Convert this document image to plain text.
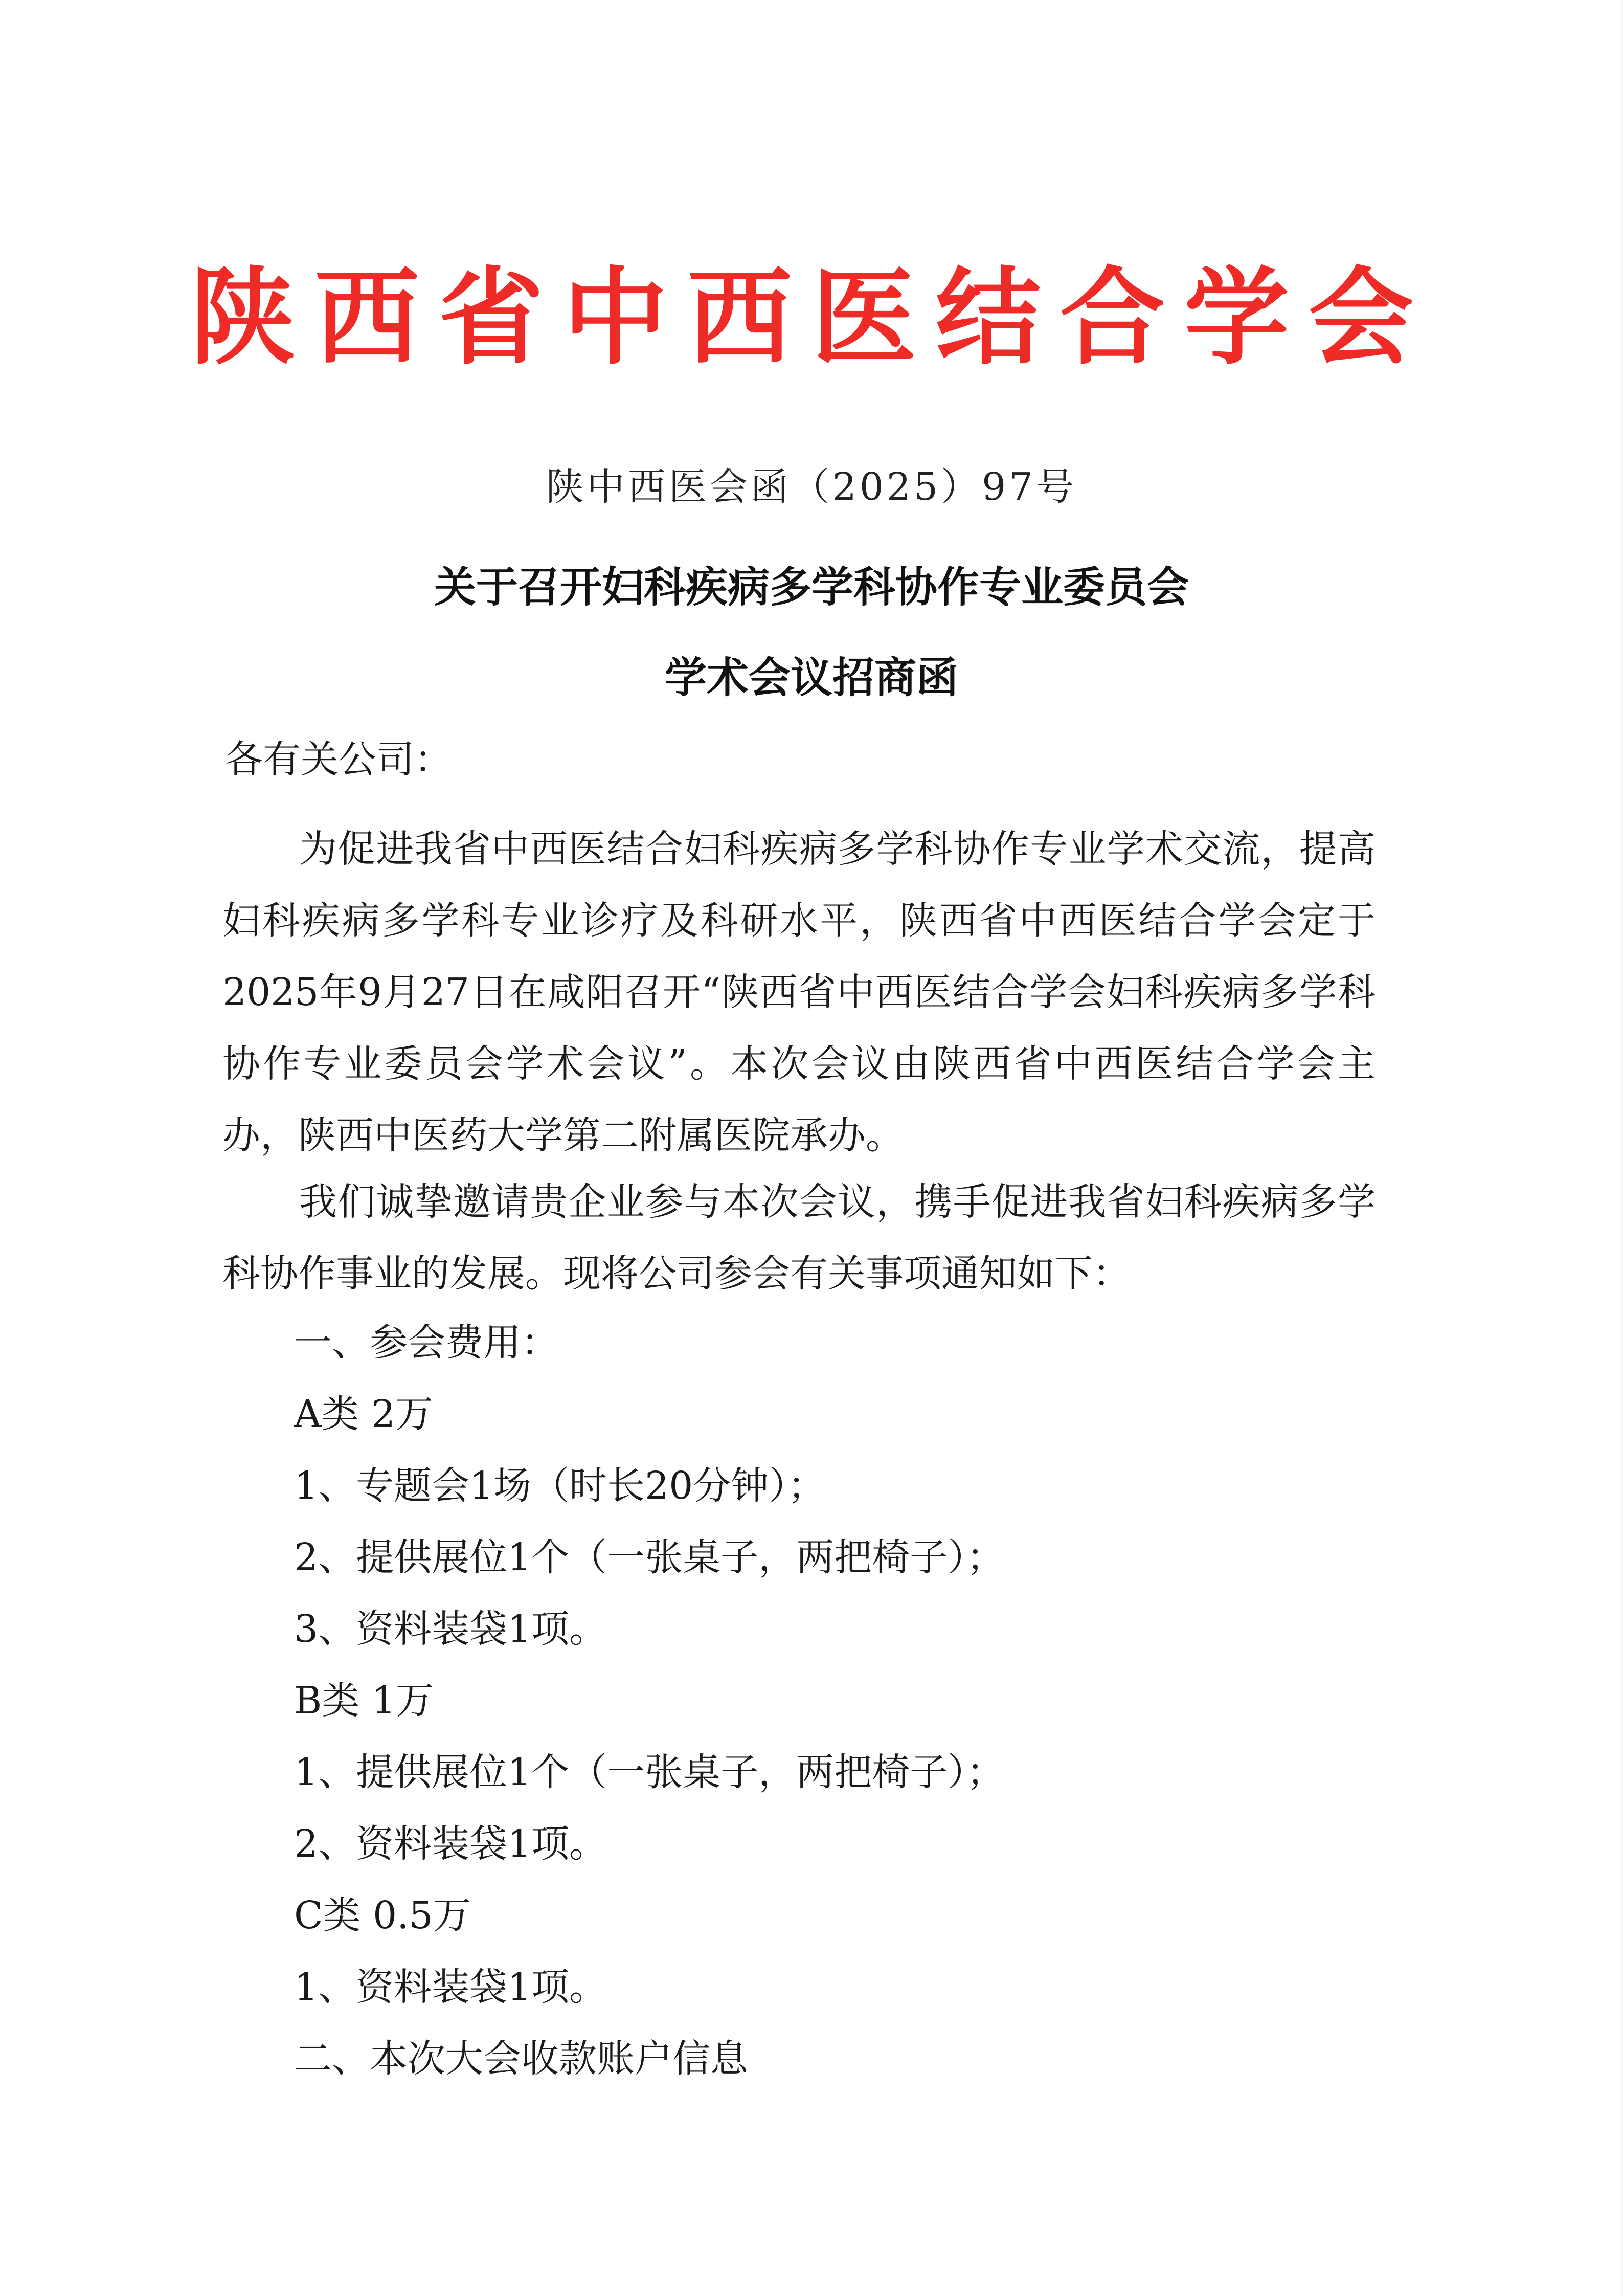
陕西省中西医结合学会
陕中西医会函（2025）97号
关于召开妇科疾病多学科协作专业委员会
学术会议招商函
各有关公司：

为促进我省中西医结合妇科疾病多学科协作专业学术交流，提高妇科疾病多学科专业诊疗及科研水平，陕西省中西医结合学会定于2025年9月27日在咸阳召开“陕西省中西医结合学会妇科疾病多学科协作专业委员会学术会议”。本次会议由陕西省中西医结合学会主办，陕西中医药大学第二附属医院承办。

我们诚挚邀请贵企业参与本次会议，携手促进我省妇科疾病多学科协作事业的发展。现将公司参会有关事项通知如下：

一、参会费用：
A类 2万
1、专题会1场（时长20分钟）；
2、提供展位1个（一张桌子，两把椅子）；
3、资料装袋1项。
B类 1万
1、提供展位1个（一张桌子，两把椅子）；
2、资料装袋1项。
C类 0.5万
1、资料装袋1项。
二、本次大会收款账户信息
